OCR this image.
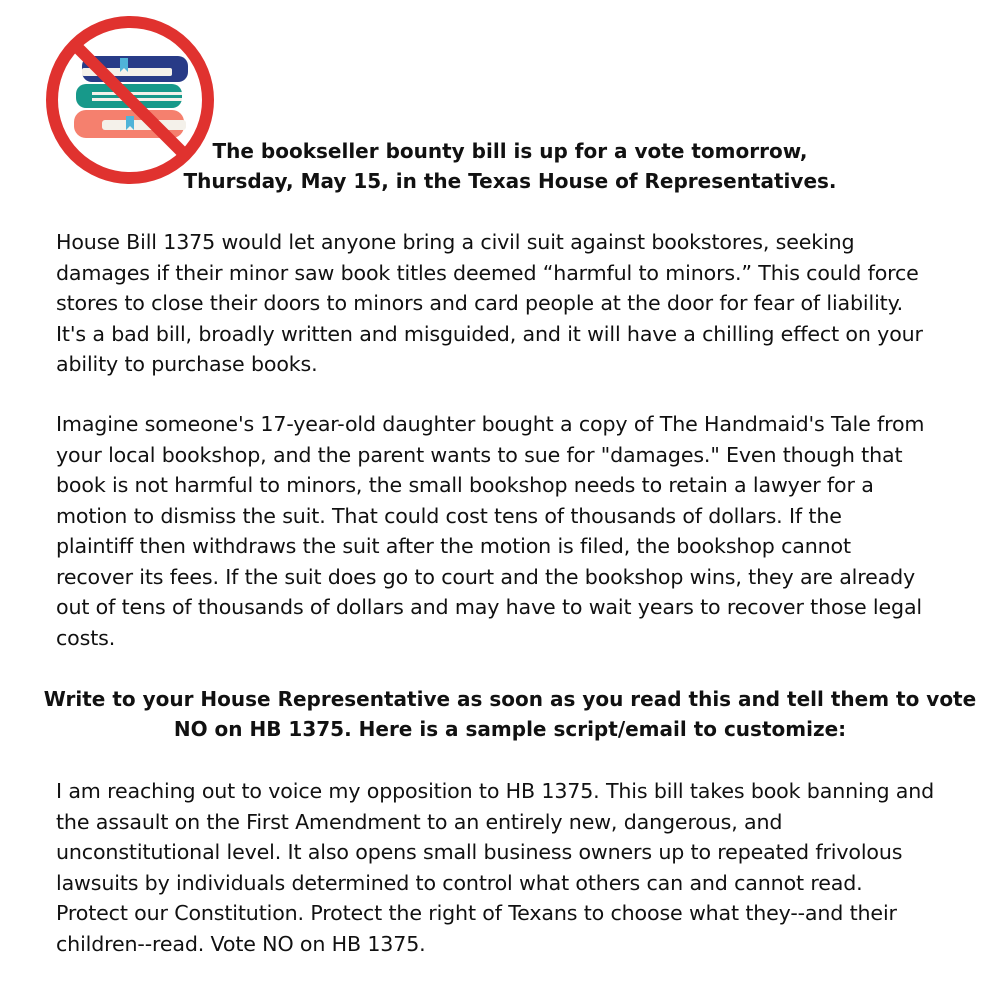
The bookseller bounty bill is up for a vote tomorrow,
Thursday, May 15, in the Texas House of Representatives.

House Bill 1375 would let anyone bring a civil suit against bookstores, seeking
damages if their minor saw book titles deemed “harmful to minors.” This could force
stores to close their doors to minors and card people at the door for fear of liability.
It's a bad bill, broadly written and misguided, and it will have a chilling effect on your
ability to purchase books.

Imagine someone's 17-year-old daughter bought a copy of The Handmaid's Tale from
your local bookshop, and the parent wants to sue for "damages." Even though that
book is not harmful to minors, the small bookshop needs to retain a lawyer for a
motion to dismiss the suit. That could cost tens of thousands of dollars. If the
plaintiff then withdraws the suit after the motion is filed, the bookshop cannot
recover its fees. If the suit does go to court and the bookshop wins, they are already
out of tens of thousands of dollars and may have to wait years to recover those legal
costs.

Write to your House Representative as soon as you read this and tell them to vote
NO on HB 1375. Here is a sample script/email to customize:

I am reaching out to voice my opposition to HB 1375. This bill takes book banning and
the assault on the First Amendment to an entirely new, dangerous, and
unconstitutional level. It also opens small business owners up to repeated frivolous
lawsuits by individuals determined to control what others can and cannot read.
Protect our Constitution. Protect the right of Texans to choose what they--and their
children--read. Vote NO on HB 1375.
